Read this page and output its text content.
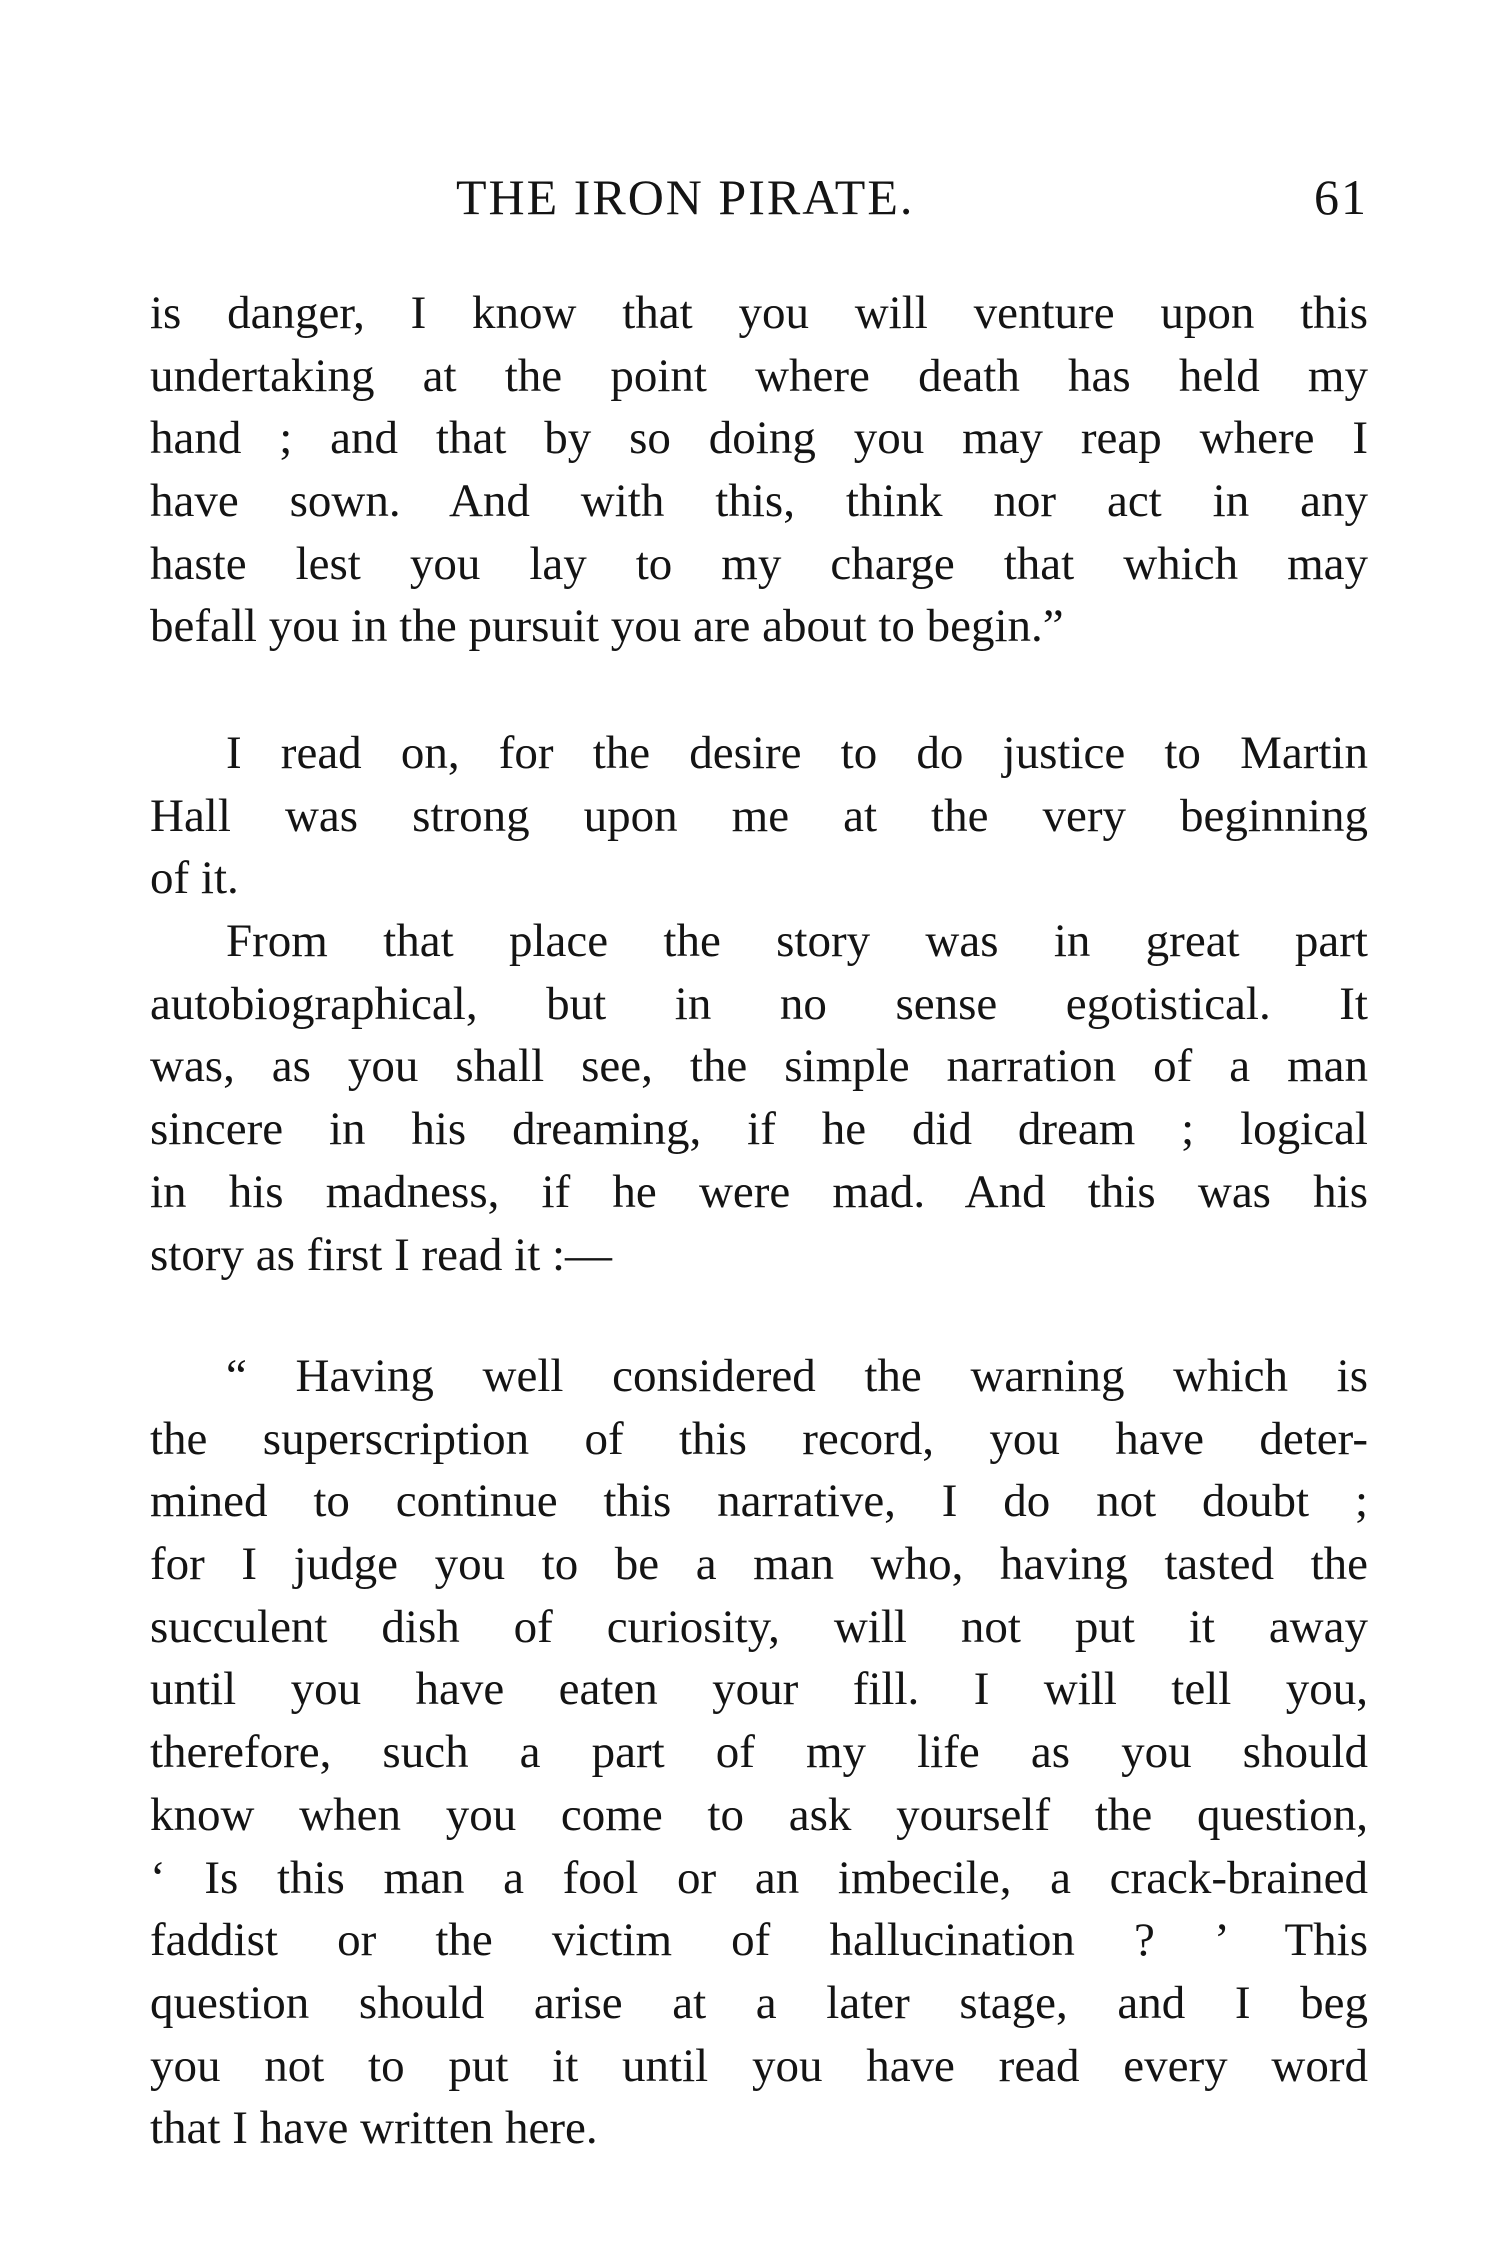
THE IRON PIRATE.	61
is danger, I know that you will venture upon this
undertaking at the point where death has held my
hand ; and that by so doing you may reap where I
have sown. And with this, think nor act in any
haste lest you lay to my charge that which may
befall you in the pursuit you are about to begin.”
I read on, for the desire to do justice to Martin
Hall was strong upon me at the very beginning
of it.
From that place the story was in great part
autobiographical, but in no sense egotistical. It
was, as you shall see, the simple narration of a man
sincere in his dreaming, if he did dream ; logical
in his madness, if he were mad. And this was his
story as first I read it :—
“ Having well considered the warning which is
the superscription of this record, you have deter-
mined to continue this narrative, I do not doubt ;
for I judge you to be a man who, having tasted the
succulent dish of curiosity, will not put it away
until you have eaten your fill. I will tell you,
therefore, such a part of my life as you should
know when you come to ask yourself the question,
‘ Is this man a fool or an imbecile, a crack-brained
faddist or the victim of hallucination ? ’ This
question should arise at a later stage, and I beg
you not to put it until you have read every word
that I have written here.
